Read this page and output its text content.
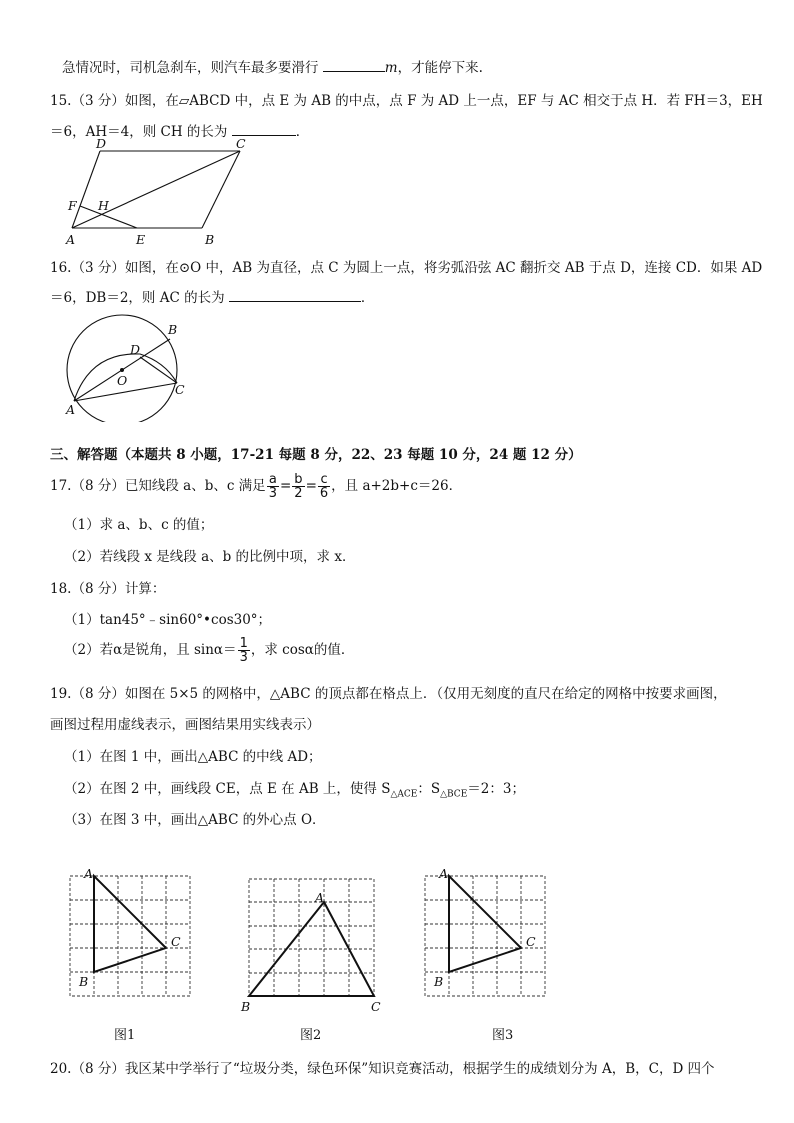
急情况时，司机急刹车，则汽车最多要滑行	m，才能停下来.
15.（3 分）如图，在▱ABCD 中，点 E 为 AB 的中点，点 F 为 AD 上一点，EF 与 AC 相交于点 H．若 FH＝3，EH
＝6，AH＝4，则 CH 的长为	．
D	C
F H
A	E	B
16.（3 分）如图，在⊙O 中，AB 为直径，点 C 为圆上一点，将劣弧沿弦 AC 翻折交 AB 于点 D，连接 CD．如果 AD
＝6，DB＝2，则 AC 的长为	．
B
D
O
C
A
三、解答题（本题共 8 小题，17-21 每题 8 分，22、23 每题 10 分，24 题 12 分）
17.（8 分）已知线段 a、b、c 满足 $\frac{a}{3} = \frac{b}{2} = \frac{c}{6}$ ，且 a+2b+c＝26．
（1）求 a、b、c 的值；
（2）若线段 x 是线段 a、b 的比例中项，求 x．
18.（8 分）计算：
（1）tan45°﹣sin60°•cos30°；
（2）若α是锐角，且 $\sin\alpha= \frac{1}{3}$ ，求 cosα的值．
19.（8 分）如图在 5×5 的网格中，△ABC 的顶点都在格点上．（仅用无刻度的直尺在给定的网格中按要求画图，
画图过程用虚线表示，画图结果用实线表示）
（1）在图 1 中，画出△ABC 的中线 AD；
（2）在图 2 中，画线段 CE，点 E 在 AB 上，使得 $S_{\triangle ACE}$：$S_{\triangle BCE}=2$：3；
（3）在图 3 中，画出△ABC 的外心点 O．
A
B
C
图1
A
B	C
图2
A
B
C
图3
20.（8 分）我区某中学举行了“垃圾分类，绿色环保”知识竞赛活动，根据学生的成绩划分为 A，B，C，D 四个
